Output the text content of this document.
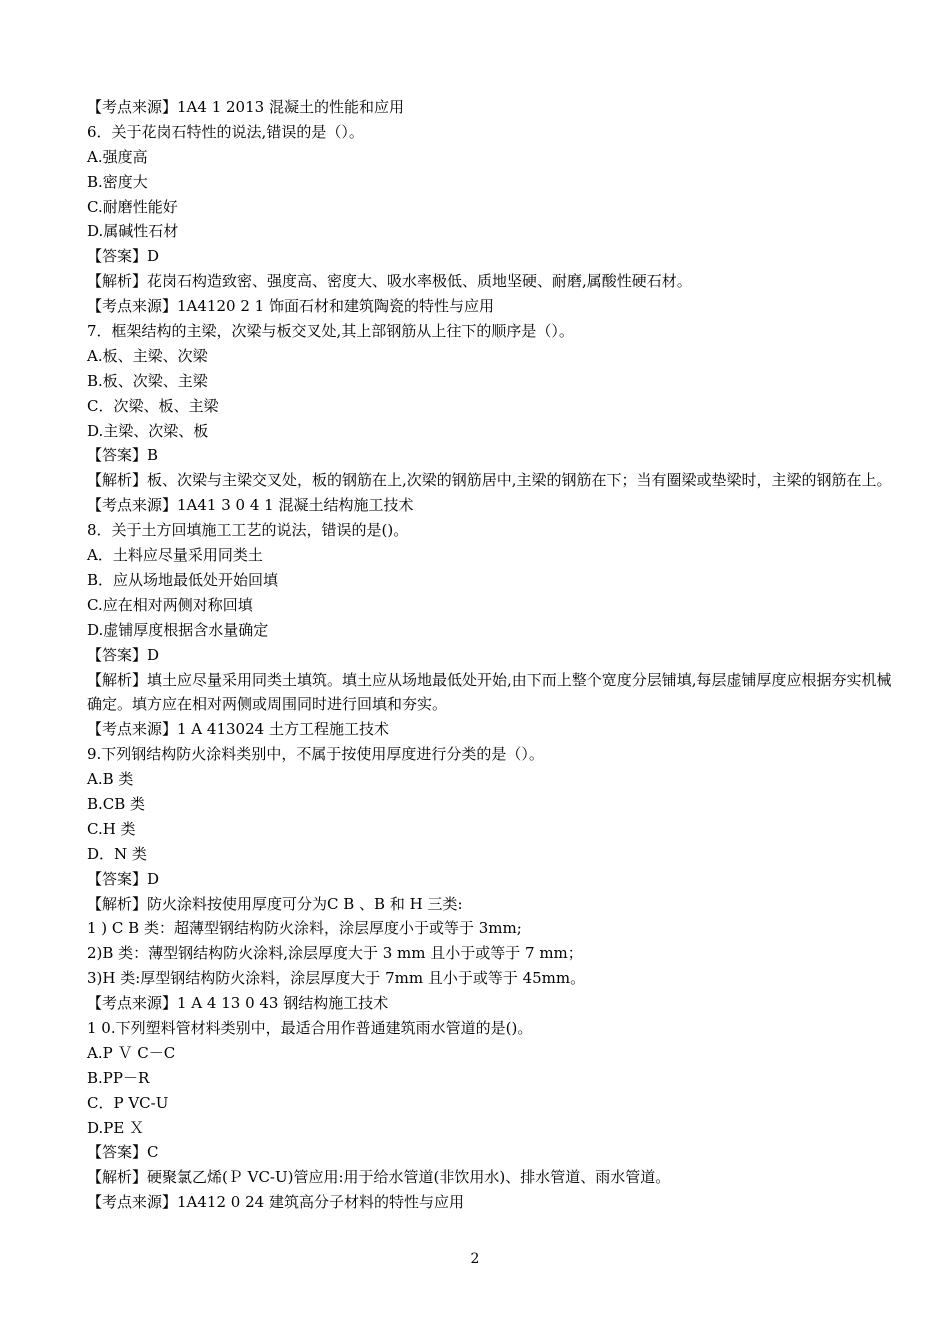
【考点来源】1A4 1 2013 混凝土的性能和应用
6．关于花岗石特性的说法,错误的是（）。
A.强度高
B.密度大
C.耐磨性能好
D.属碱性石材
【答案】D
【解析】花岗石构造致密、强度高、密度大、吸水率极低、质地坚硬、耐磨,属酸性硬石材。
【考点来源】1A4120 2 1 饰面石材和建筑陶瓷的特性与应用
7．框架结构的主梁，次梁与板交叉处,其上部钢筋从上往下的顺序是（）。
A.板、主梁、次梁
B.板、次梁、主梁
C．次梁、板、主梁
D.主梁、次梁、板
【答案】B
【解析】板、次梁与主梁交叉处，板的钢筋在上,次梁的钢筋居中,主梁的钢筋在下；当有圈梁或垫梁时，主梁的钢筋在上。
【考点来源】1A41 3 0 4 1 混凝土结构施工技术
8．关于土方回填施工工艺的说法，错误的是()。
A．土料应尽量采用同类土
B．应从场地最低处开始回填
C.应在相对两侧对称回填
D.虚铺厚度根据含水量确定
【答案】D
【解析】填土应尽量采用同类土填筑。填土应从场地最低处开始,由下而上整个宽度分层铺填,每层虚铺厚度应根据夯实机械确定。填方应在相对两侧或周围同时进行回填和夯实。
【考点来源】1 A 413024 土方工程施工技术
9.下列钢结构防火涂料类别中，不属于按使用厚度进行分类的是（）。
A.B 类
B.CB 类
C.H 类
D．N 类
【答案】D
【解析】防火涂料按使用厚度可分为C B 、B 和 H 三类:
1 ) C B 类：超薄型钢结构防火涂料，涂层厚度小于或等于 3mm;
2)B 类：薄型钢结构防火涂料,涂层厚度大于 3 mm 且小于或等于 7 mm；
3)H 类:厚型钢结构防火涂料，涂层厚度大于 7mm 且小于或等于 45mm。
【考点来源】1 A 4 13 0 43 钢结构施工技术
1 0.下列塑料管材料类别中，最适合用作普通建筑雨水管道的是()。
A.P Ｖ C－C
B.PP－R
C．P VC-U
D.PE Ｘ
【答案】C
【解析】硬聚氯乙烯(Ｐ VC-U)管应用:用于给水管道(非饮用水)、排水管道、雨水管道。
【考点来源】1A412 0 24 建筑高分子材料的特性与应用
2
